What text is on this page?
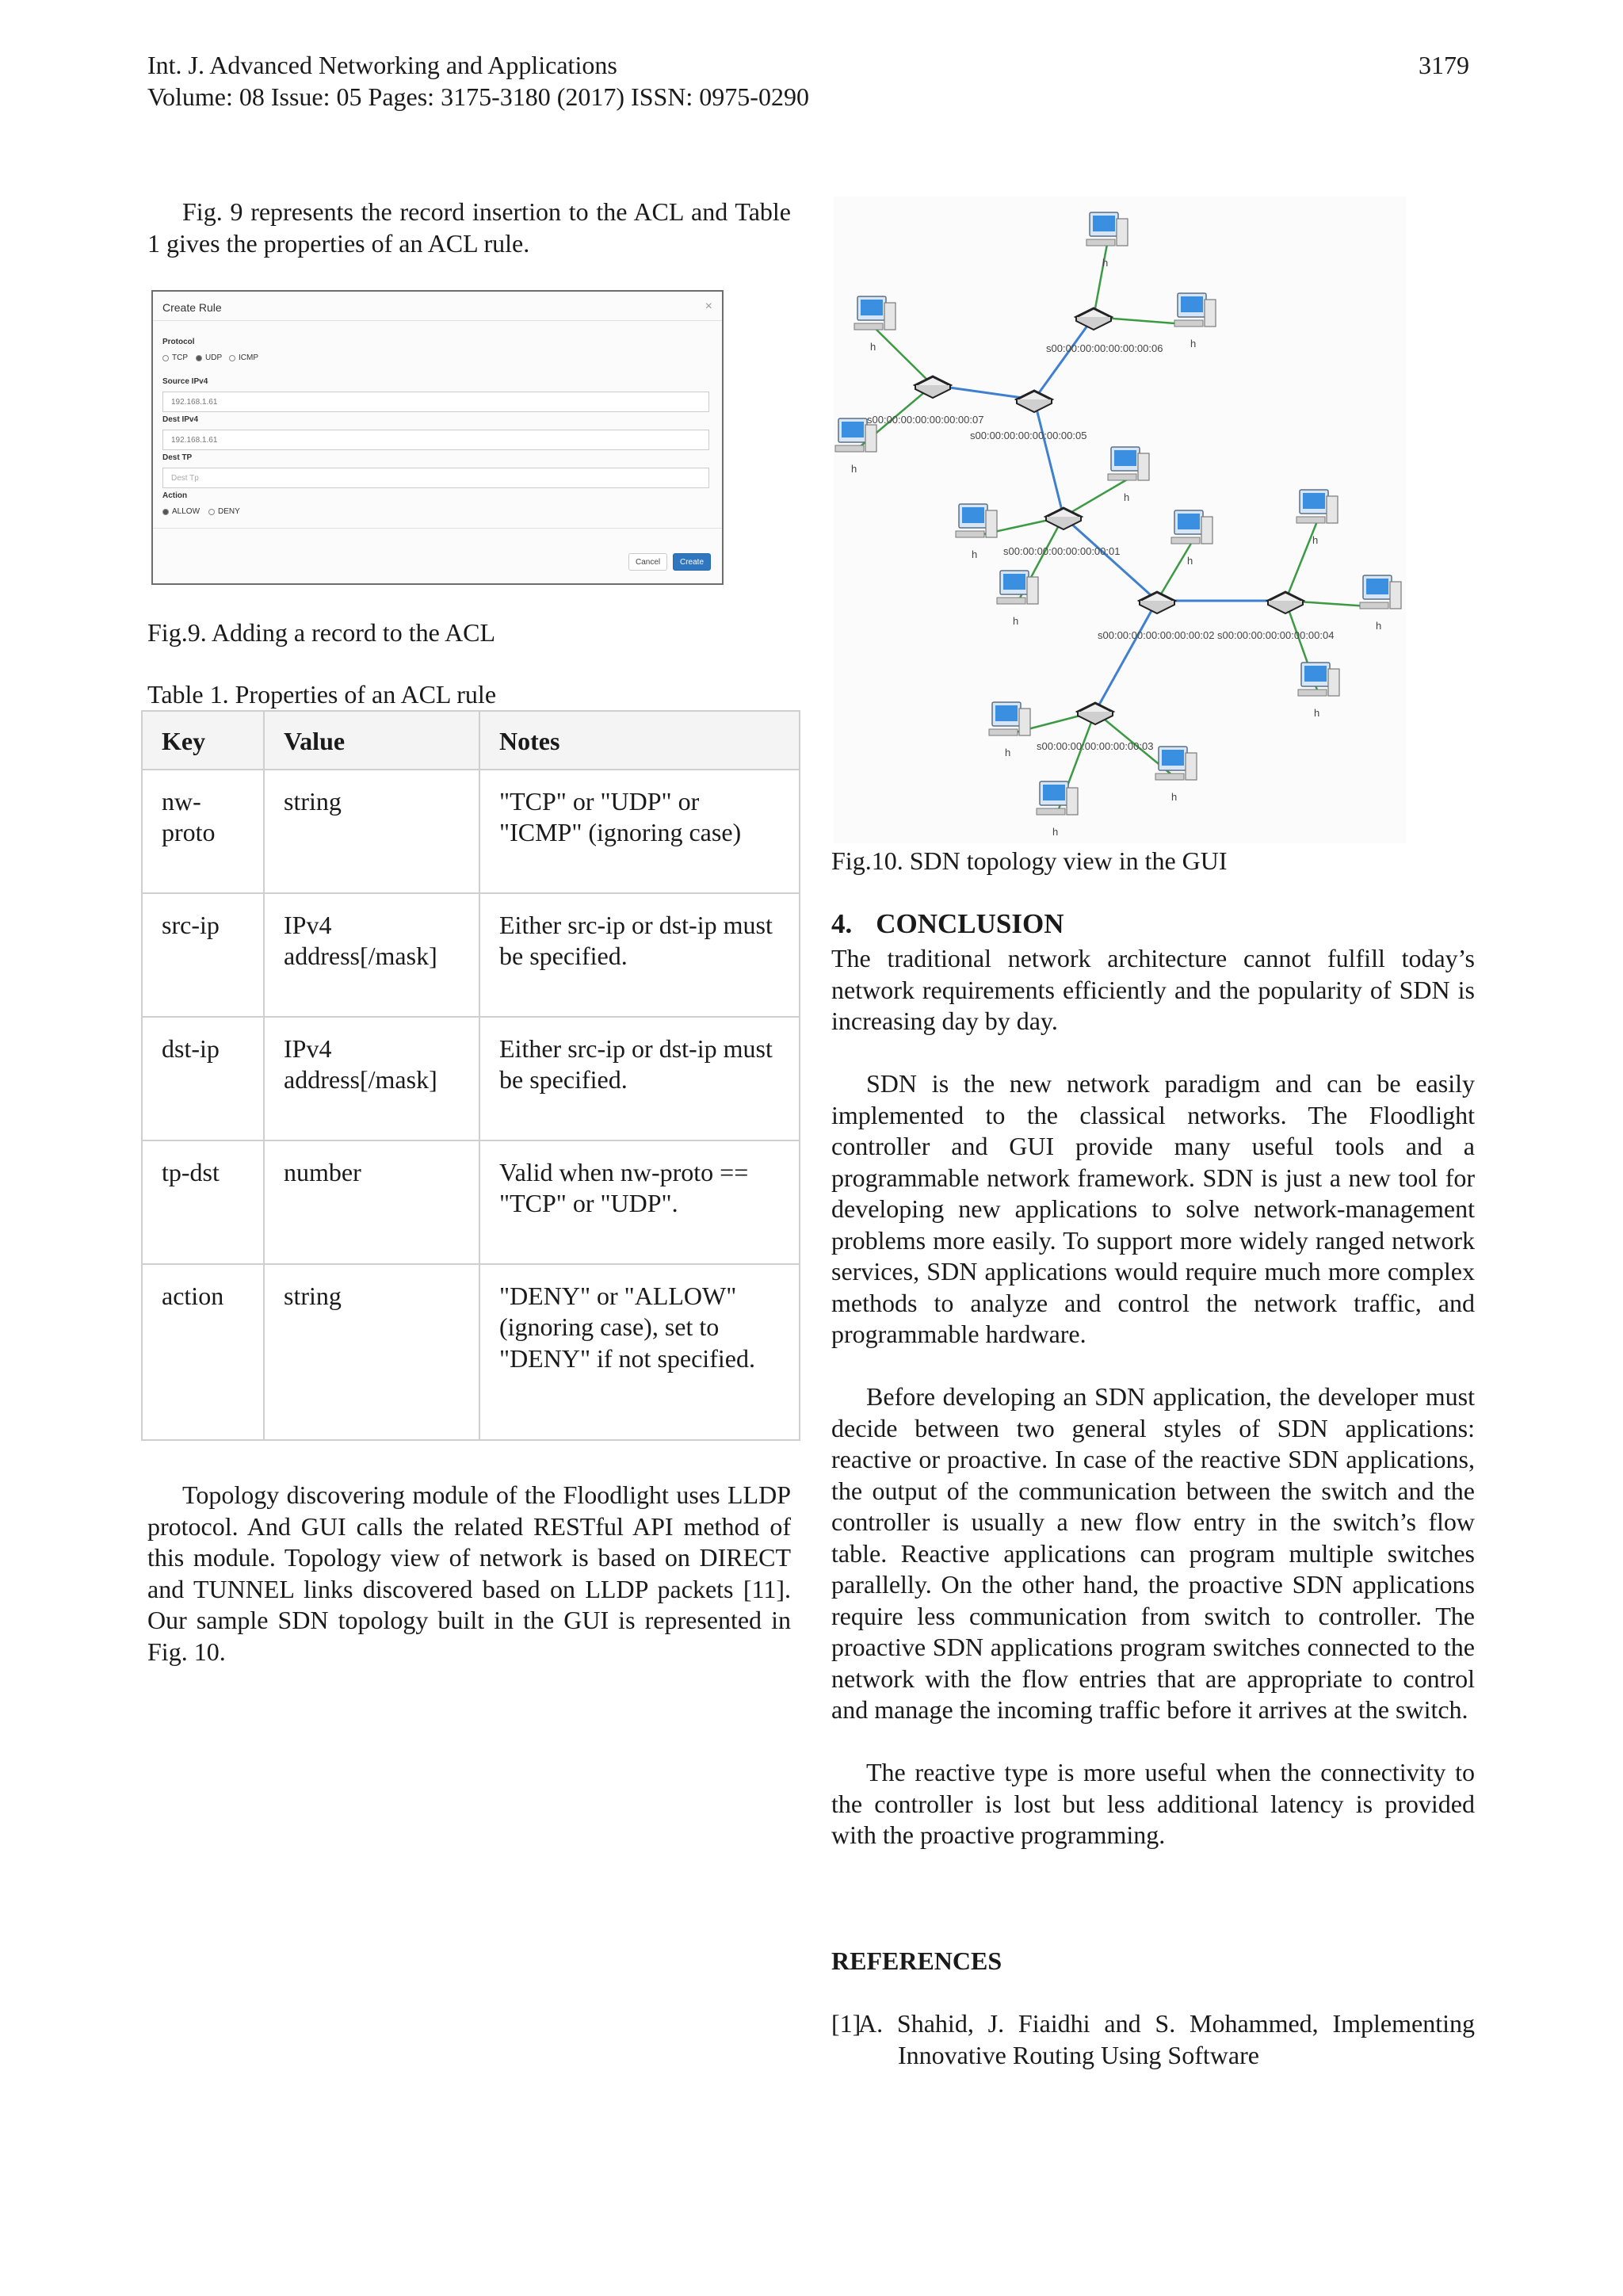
Int. J. Advanced Networking and Applications
Volume: 08 Issue: 05 Pages: 3175-3180 (2017) ISSN: 0975-0290
3179

Fig. 9 represents the record insertion to the ACL and Table 1 gives the properties of an ACL rule.

Create Rule	×
Protocol
TCP UDP ICMP
Source IPv4
192.168.1.61
Dest IPv4
192.168.1.61
Dest TP
Dest Tp
Action
ALLOW DENY
Cancel	Create
Fig.9. Adding a record to the ACL
Table 1. Properties of an ACL rule
Key	Value	Notes
nw-proto	string	"TCP" or "UDP" or "ICMP" (ignoring case)
src-ip	IPv4 address[/mask]	Either src-ip or dst-ip must be specified.
dst-ip	IPv4 address[/mask]	Either src-ip or dst-ip must be specified.
tp-dst	number	Valid when nw-proto == "TCP" or "UDP".
action	string	"DENY" or "ALLOW" (ignoring case), set to "DENY" if not specified.

Topology discovering module of the Floodlight uses LLDP protocol. And GUI calls the related RESTful API method of this module. Topology view of network is based on DIRECT and TUNNEL links discovered based on LLDP packets [11]. Our sample SDN topology built in the GUI is represented in Fig. 10.

h
h	h
h
h
h
h
h
h	h
h
h
h
h
s00:00:00:00:00:00:00:06
s00:00:00:00:00:00:00:07
s00:00:00:00:00:00:00:05
s00:00:00:00:00:00:00:01
s00:00:00:00:00:00:00:02 s00:00:00:00:00:00:00:04
s00:00:00:00:00:00:00:03
Fig.10. SDN topology view in the GUI
4. CONCLUSION

The traditional network architecture cannot fulfill today’s network requirements efficiently and the popularity of SDN is increasing day by day.

SDN is the new network paradigm and can be easily implemented to the classical networks. The Floodlight controller and GUI provide many useful tools and a programmable network framework. SDN is just a new tool for developing new applications to solve network-management problems more easily. To support more widely ranged network services, SDN applications would require much more complex methods to analyze and control the network traffic, and programmable hardware.

Before developing an SDN application, the developer must decide between two general styles of SDN applications: reactive or proactive. In case of the reactive SDN applications, the output of the communication between the switch and the controller is usually a new flow entry in the switch’s flow table. Reactive applications can program multiple switches parallelly. On the other hand, the proactive SDN applications require less communication from switch to controller. The proactive SDN applications program switches connected to the network with the flow entries that are appropriate to control and manage the incoming traffic before it arrives at the switch.

The reactive type is more useful when the connectivity to the controller is lost but less additional latency is provided with the proactive programming.

REFERENCES
[1]
A. Shahid, J. Fiaidhi and S. Mohammed, Implementing Innovative Routing Using Software
